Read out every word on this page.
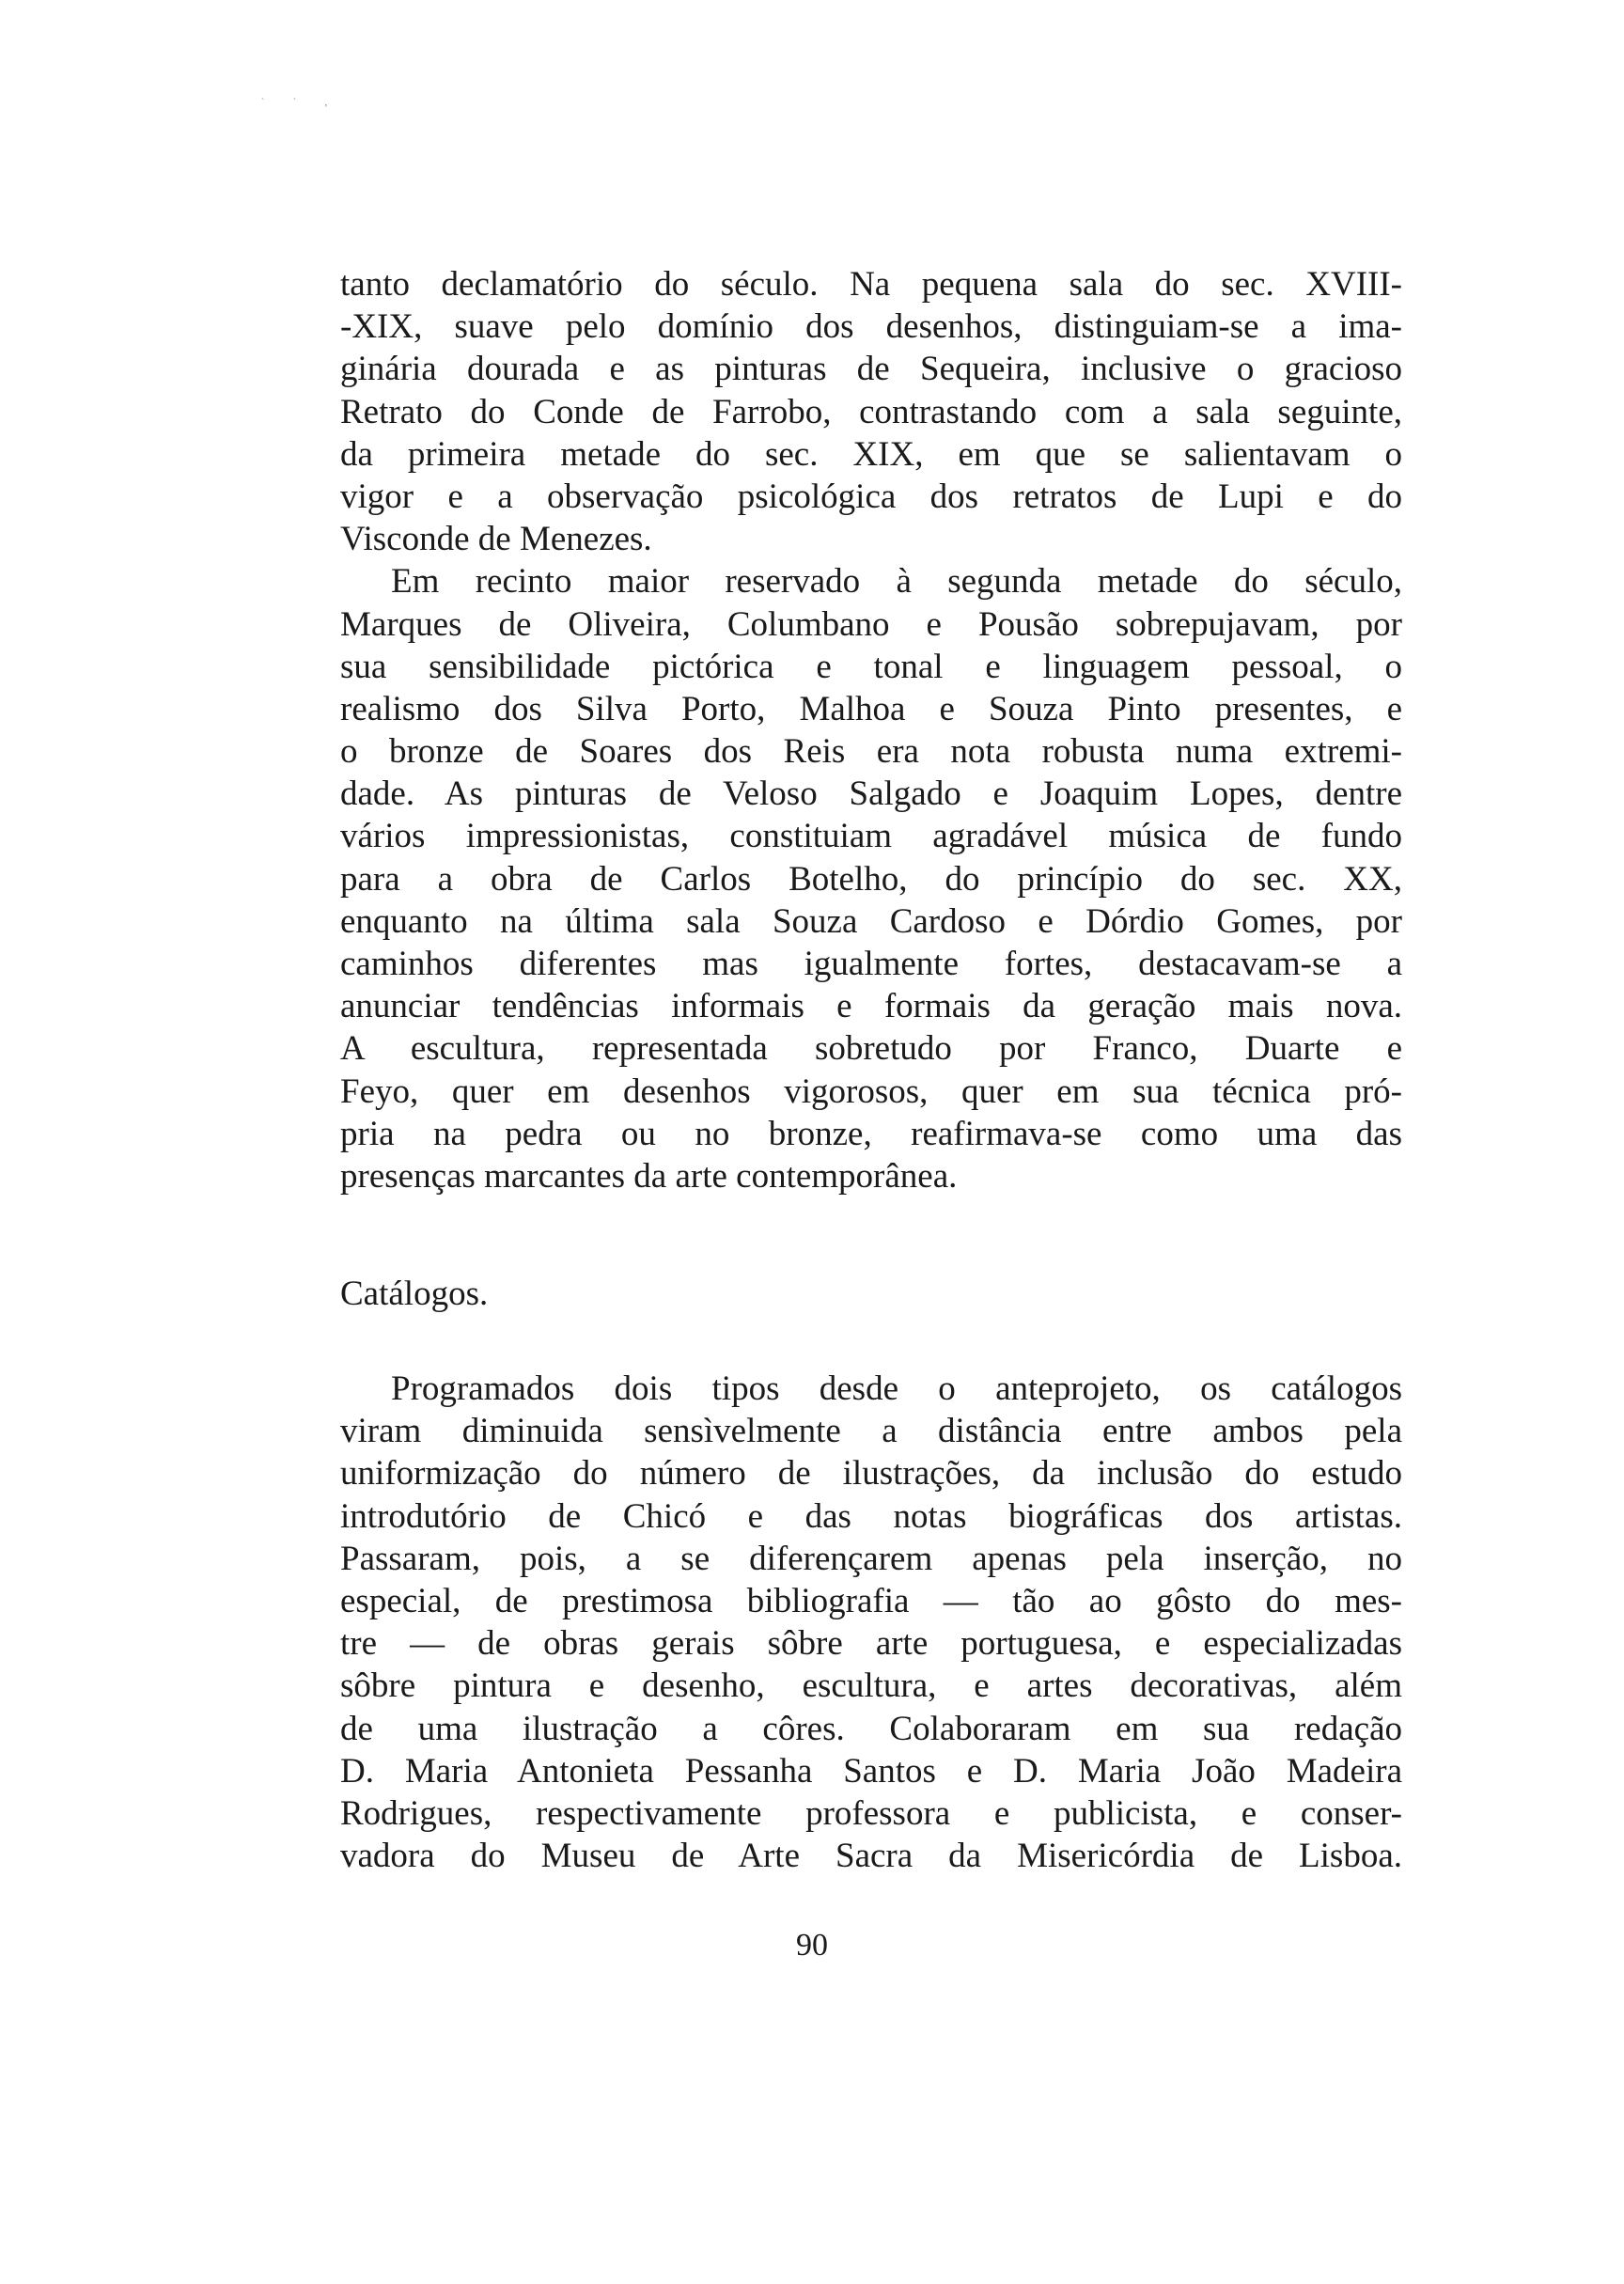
` ` ,
tanto declamatório do século. Na pequena sala do sec. XVIII-
-XIX, suave pelo domínio dos desenhos, distinguiam-se a ima-
ginária dourada e as pinturas de Sequeira, inclusive o gracioso
Retrato do Conde de Farrobo, contrastando com a sala seguinte,
da primeira metade do sec. XIX, em que se salientavam o
vigor e a observação psicológica dos retratos de Lupi e do
Visconde de Menezes.
Em recinto maior reservado à segunda metade do século,
Marques de Oliveira, Columbano e Pousão sobrepujavam, por
sua sensibilidade pictórica e tonal e linguagem pessoal, o
realismo dos Silva Porto, Malhoa e Souza Pinto presentes, e
o bronze de Soares dos Reis era nota robusta numa extremi-
dade. As pinturas de Veloso Salgado e Joaquim Lopes, dentre
vários impressionistas, constituiam agradável música de fundo
para a obra de Carlos Botelho, do princípio do sec. XX,
enquanto na última sala Souza Cardoso e Dórdio Gomes, por
caminhos diferentes mas igualmente fortes, destacavam-se a
anunciar tendências informais e formais da geração mais nova.
A escultura, representada sobretudo por Franco, Duarte e
Feyo, quer em desenhos vigorosos, quer em sua técnica pró-
pria na pedra ou no bronze, reafirmava-se como uma das
presenças marcantes da arte contemporânea.
Catálogos.
Programados dois tipos desde o anteprojeto, os catálogos
viram diminuida sensìvelmente a distância entre ambos pela
uniformização do número de ilustrações, da inclusão do estudo
introdutório de Chicó e das notas biográficas dos artistas.
Passaram, pois, a se diferençarem apenas pela inserção, no
especial, de prestimosa bibliografia — tão ao gôsto do mes-
tre — de obras gerais sôbre arte portuguesa, e especializadas
sôbre pintura e desenho, escultura, e artes decorativas, além
de uma ilustração a côres. Colaboraram em sua redação
D. Maria Antonieta Pessanha Santos e D. Maria João Madeira
Rodrigues, respectivamente professora e publicista, e conser-
vadora do Museu de Arte Sacra da Misericórdia de Lisboa.
90
